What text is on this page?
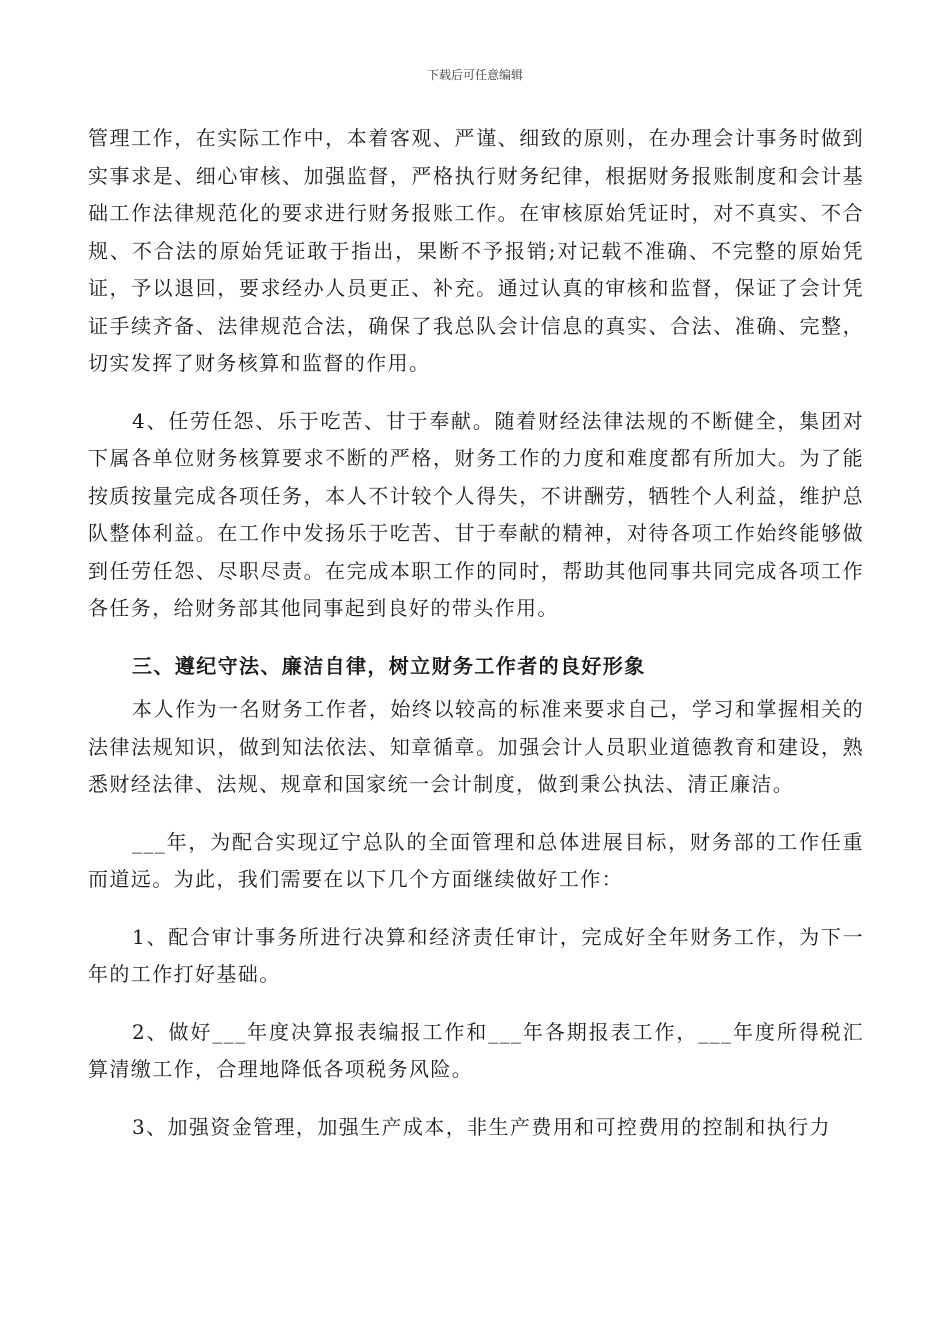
下载后可任意编辑

管理工作，在实际工作中，本着客观、严谨、细致的原则，在办理会计事务时做到实事求是、细心审核、加强监督，严格执行财务纪律，根据财务报账制度和会计基础工作法律规范化的要求进行财务报账工作。在审核原始凭证时，对不真实、不合规、不合法的原始凭证敢于指出，果断不予报销;对记载不准确、不完整的原始凭证，予以退回，要求经办人员更正、补充。通过认真的审核和监督，保证了会计凭证手续齐备、法律规范合法，确保了我总队会计信息的真实、合法、准确、完整，切实发挥了财务核算和监督的作用。

4、任劳任怨、乐于吃苦、甘于奉献。随着财经法律法规的不断健全，集团对下属各单位财务核算要求不断的严格，财务工作的力度和难度都有所加大。为了能按质按量完成各项任务，本人不计较个人得失，不讲酬劳，牺牲个人利益，维护总队整体利益。在工作中发扬乐于吃苦、甘于奉献的精神，对待各项工作始终能够做到任劳任怨、尽职尽责。在完成本职工作的同时，帮助其他同事共同完成各项工作各任务，给财务部其他同事起到良好的带头作用。

三、遵纪守法、廉洁自律，树立财务工作者的良好形象

本人作为一名财务工作者，始终以较高的标准来要求自己，学习和掌握相关的法律法规知识，做到知法依法、知章循章。加强会计人员职业道德教育和建设，熟悉财经法律、法规、规章和国家统一会计制度，做到秉公执法、清正廉洁。

___年，为配合实现辽宁总队的全面管理和总体进展目标，财务部的工作任重而道远。为此，我们需要在以下几个方面继续做好工作：

1、配合审计事务所进行决算和经济责任审计，完成好全年财务工作，为下一年的工作打好基础。

2、做好___年度决算报表编报工作和___年各期报表工作，___年度所得税汇算清缴工作，合理地降低各项税务风险。

3、加强资金管理，加强生产成本，非生产费用和可控费用的控制和执行力
